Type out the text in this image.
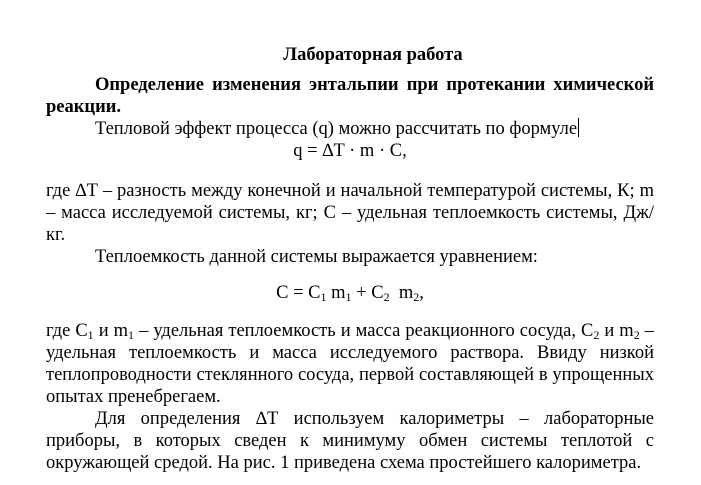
Лабораторная работа
Определение изменения энтальпии при протекании химической реакции.
Тепловой эффект процесса (q) можно рассчитать по формуле
q = ∆T · m · C,
где ∆Т – разность между конечной и начальной температурой системы, К; m – масса исследуемой системы, кг; С – удельная теплоемкость системы, Дж/кг.
Теплоемкость данной системы выражается уравнением:
$C = C_1$ $m_1 + C_2$  $m_2$,
где $С_1$ и $m_1$ – удельная теплоемкость и масса реакционного сосуда, $С_2$ и $m_2$ – удельная теплоемкость и масса исследуемого раствора. Ввиду низкой теплопроводности стеклянного сосуда, первой составляющей в упрощенных опытах пренебрегаем.
Для определения ∆Т используем калориметры – лабораторные приборы, в которых сведен к минимуму обмен системы теплотой с окружающей средой. На рис. 1 приведена схема простейшего калориметра.
